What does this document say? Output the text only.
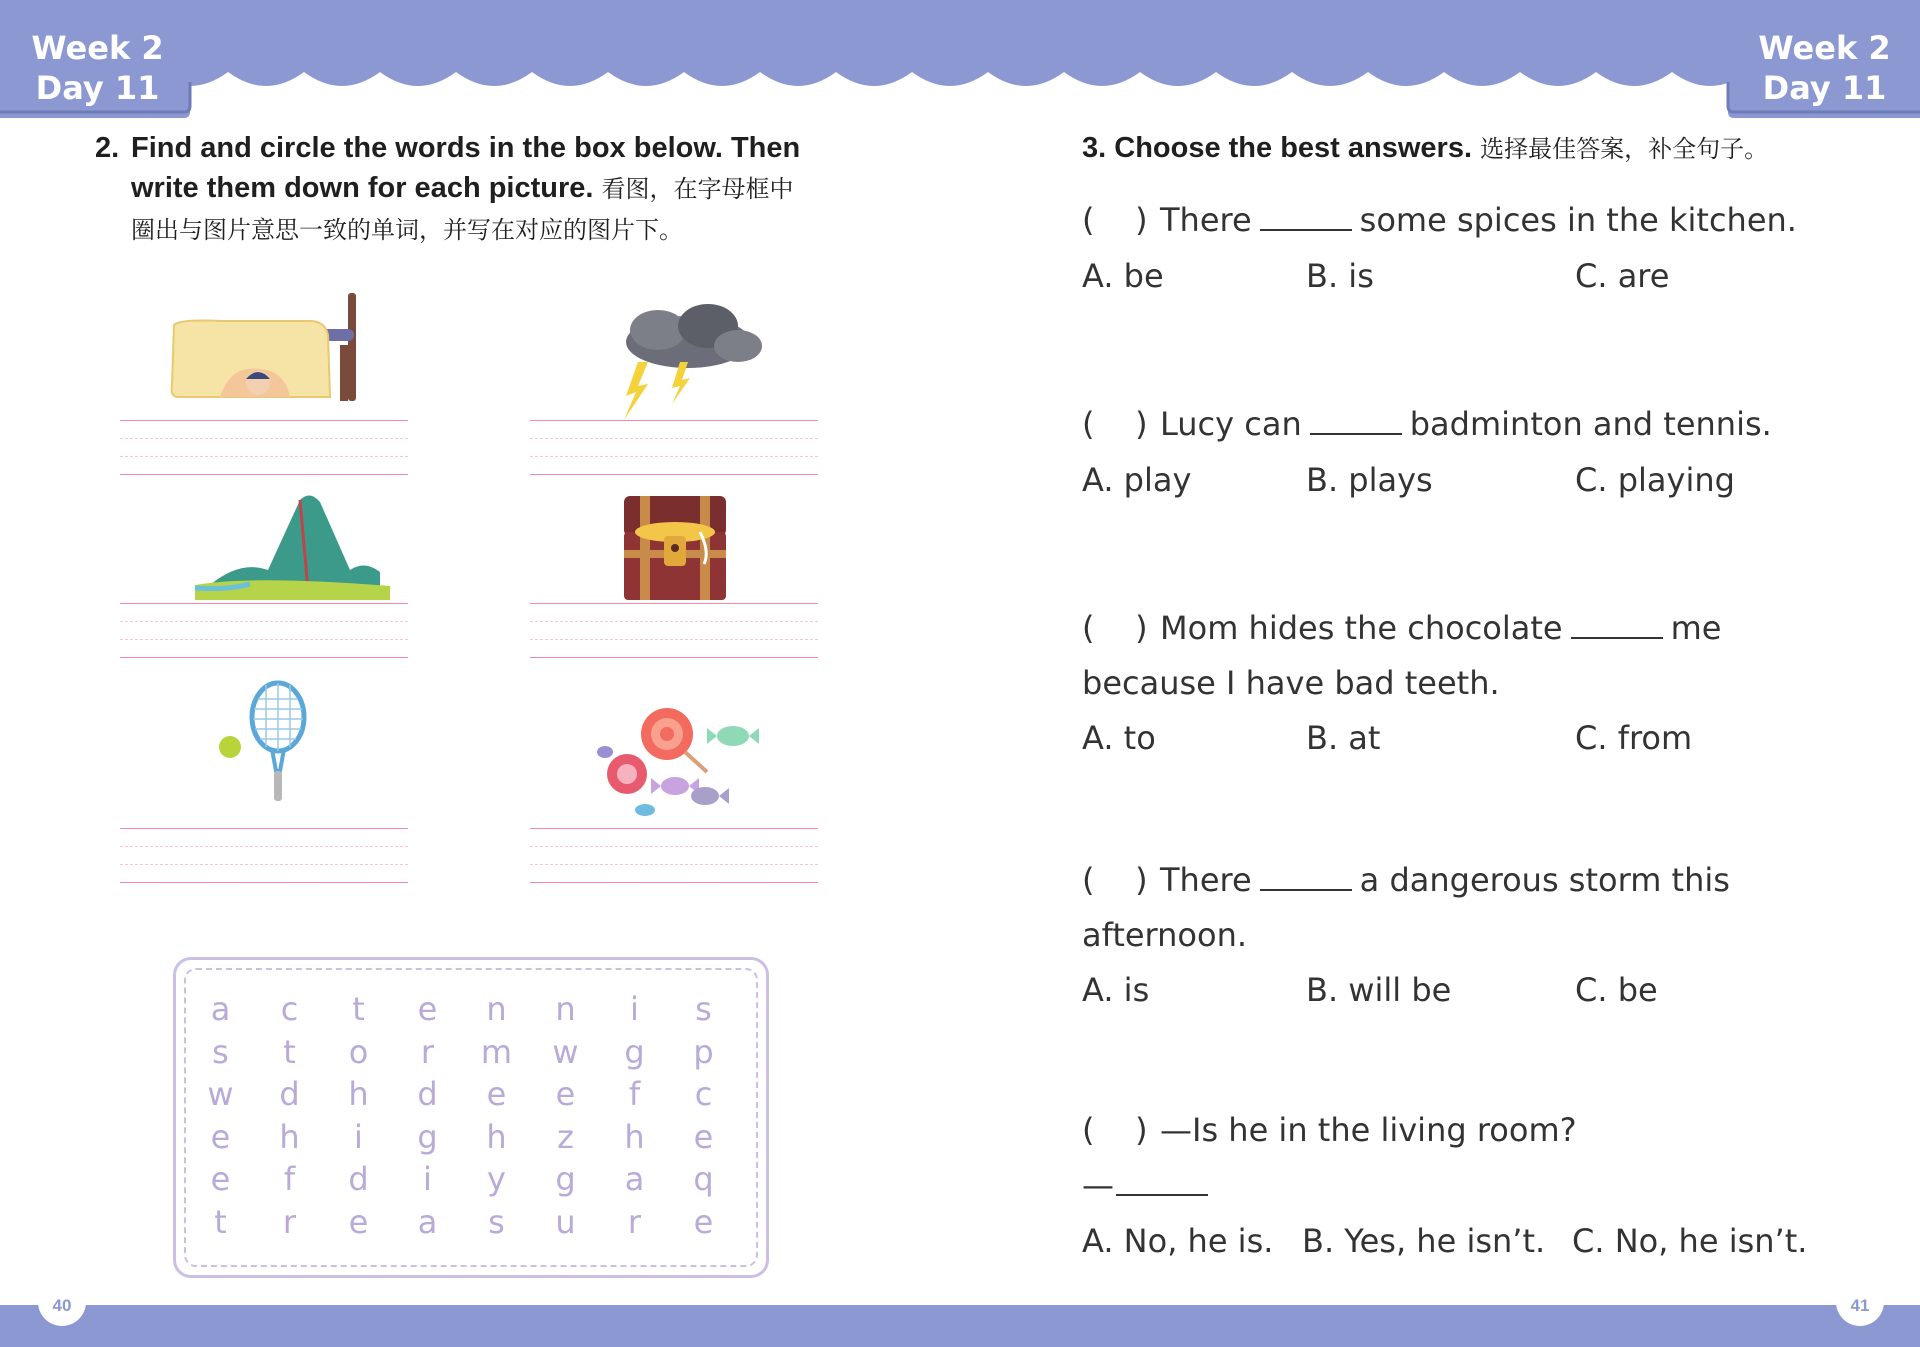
Week 2
Day 11
Week 2
Day 11
2. Find and circle the words in the box below. Then
write them down for each picture. 看图，在字母框中
圈出与图片意思一致的单词，并写在对应的图片下。
a	c	t	e	n	n	i	s
s	t	o	r	m	w	g	p
w	d	h	d	e	e	f	c
e	h	i	g	h	z	h	e
e	f	d	i	y	g	a	q
t	r	e	a	s	u	r	e
3. Choose the best answers. 选择最佳答案，补全句子。
( ) There	some spices in the kitchen.
A. be	B. is	C. are
( ) Lucy can	badminton and tennis.
A. play	B. plays	C. playing
( ) Mom hides the chocolate	me
because I have bad teeth.
A. to	B. at	C. from
( ) There	a dangerous storm this
afternoon.
A. is	B. will be	C. be
( ) —Is he in the living room?
—
A. No, he is. B. Yes, he isn’t. C. No, he isn’t.
40	41
